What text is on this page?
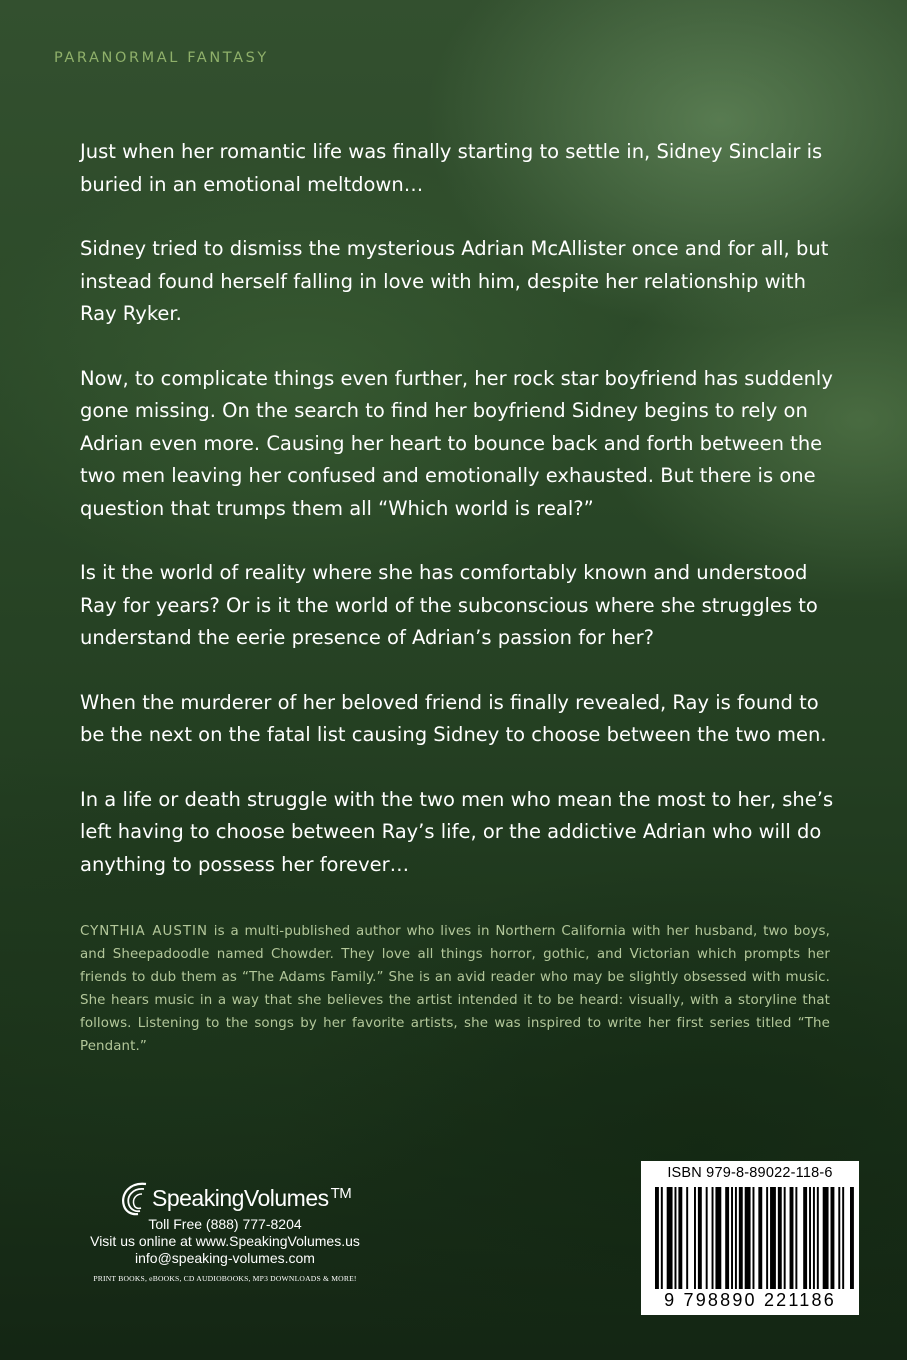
PARANORMAL FANTASY

Just when her romantic life was finally starting to settle in, Sidney Sinclair is buried in an emotional meltdown…

Sidney tried to dismiss the mysterious Adrian McAllister once and for all, but instead found herself falling in love with him, despite her relationship with Ray Ryker.

Now, to complicate things even further, her rock star boyfriend has suddenly gone missing. On the search to find her boyfriend Sidney begins to rely on Adrian even more. Causing her heart to bounce back and forth between the two men leaving her confused and emotionally exhausted. But there is one question that trumps them all “Which world is real?”

Is it the world of reality where she has comfortably known and understood Ray for years? Or is it the world of the subconscious where she struggles to understand the eerie presence of Adrian’s passion for her?

When the murderer of her beloved friend is finally revealed, Ray is found to be the next on the fatal list causing Sidney to choose between the two men.

In a life or death struggle with the two men who mean the most to her, she’s left having to choose between Ray’s life, or the addictive Adrian who will do anything to possess her forever…

CYNTHIA AUSTIN is a multi-published author who lives in Northern California with her husband, two boys, and Sheepadoodle named Chowder. They love all things horror, gothic, and Victorian which prompts her friends to dub them as “The Adams Family.” She is an avid reader who may be slightly obsessed with music. She hears music in a way that she believes the artist intended it to be heard: visually, with a storyline that follows. Listening to the songs by her favorite artists, she was inspired to write her first series titled “The Pendant.”
SpeakingVolumes ™
Toll Free (888) 777-8204
Visit us online at www.SpeakingVolumes.us
info@speaking-volumes.com
PRINT BOOKS, eBOOKS, CD AUDIOBOOKS, MP3 DOWNLOADS & MORE!
ISBN 979-8-89022-118-6
9 798890 221186
